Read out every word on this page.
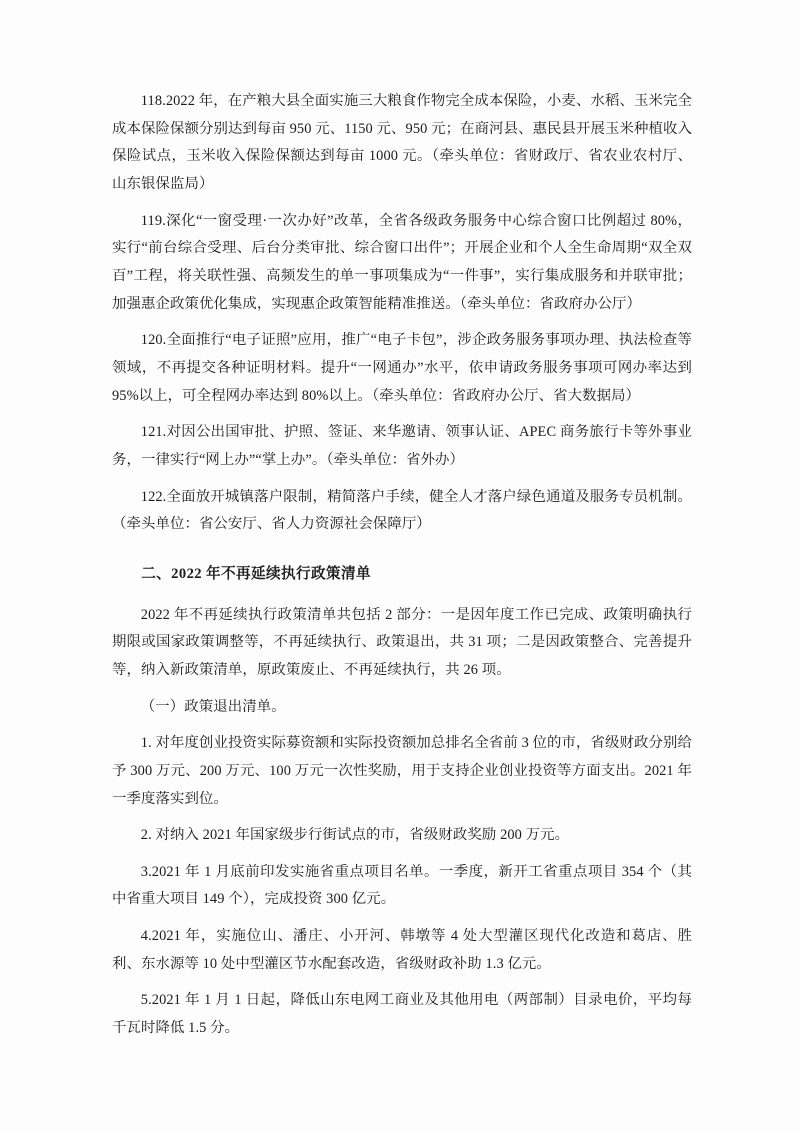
118.2022 年，在产粮大县全面实施三大粮食作物完全成本保险，小麦、水稻、玉米完全成本保险保额分别达到每亩 950 元、1150 元、950 元；在商河县、惠民县开展玉米种植收入保险试点，玉米收入保险保额达到每亩 1000 元。（牵头单位：省财政厅、省农业农村厅、山东银保监局）

119.深化“一窗受理·一次办好”改革，全省各级政务服务中心综合窗口比例超过 80%，实行“前台综合受理、后台分类审批、综合窗口出件”；开展企业和个人全生命周期“双全双百”工程，将关联性强、高频发生的单一事项集成为“一件事”，实行集成服务和并联审批；加强惠企政策优化集成，实现惠企政策智能精准推送。（牵头单位：省政府办公厅）

120.全面推行“电子证照”应用，推广“电子卡包”，涉企政务服务事项办理、执法检查等领域，不再提交各种证明材料。提升“一网通办”水平，依申请政务服务事项可网办率达到 95%以上，可全程网办率达到 80%以上。（牵头单位：省政府办公厅、省大数据局）

121.对因公出国审批、护照、签证、来华邀请、领事认证、APEC 商务旅行卡等外事业务，一律实行“网上办”“掌上办”。（牵头单位：省外办）

122.全面放开城镇落户限制，精简落户手续，健全人才落户绿色通道及服务专员机制。（牵头单位：省公安厅、省人力资源社会保障厅）

二、2022 年不再延续执行政策清单

2022 年不再延续执行政策清单共包括 2 部分：一是因年度工作已完成、政策明确执行期限或国家政策调整等，不再延续执行、政策退出，共 31 项；二是因政策整合、完善提升等，纳入新政策清单，原政策废止、不再延续执行，共 26 项。

（一）政策退出清单。

1. 对年度创业投资实际募资额和实际投资额加总排名全省前 3 位的市，省级财政分别给予 300 万元、200 万元、100 万元一次性奖励，用于支持企业创业投资等方面支出。2021 年一季度落实到位。

2. 对纳入 2021 年国家级步行街试点的市，省级财政奖励 200 万元。

3.2021 年 1 月底前印发实施省重点项目名单。一季度，新开工省重点项目 354 个（其中省重大项目 149 个），完成投资 300 亿元。

4.2021 年，实施位山、潘庄、小开河、韩墩等 4 处大型灌区现代化改造和葛店、胜利、东水源等 10 处中型灌区节水配套改造，省级财政补助 1.3 亿元。

5.2021 年 1 月 1 日起，降低山东电网工商业及其他用电（两部制）目录电价，平均每千瓦时降低 1.5 分。
